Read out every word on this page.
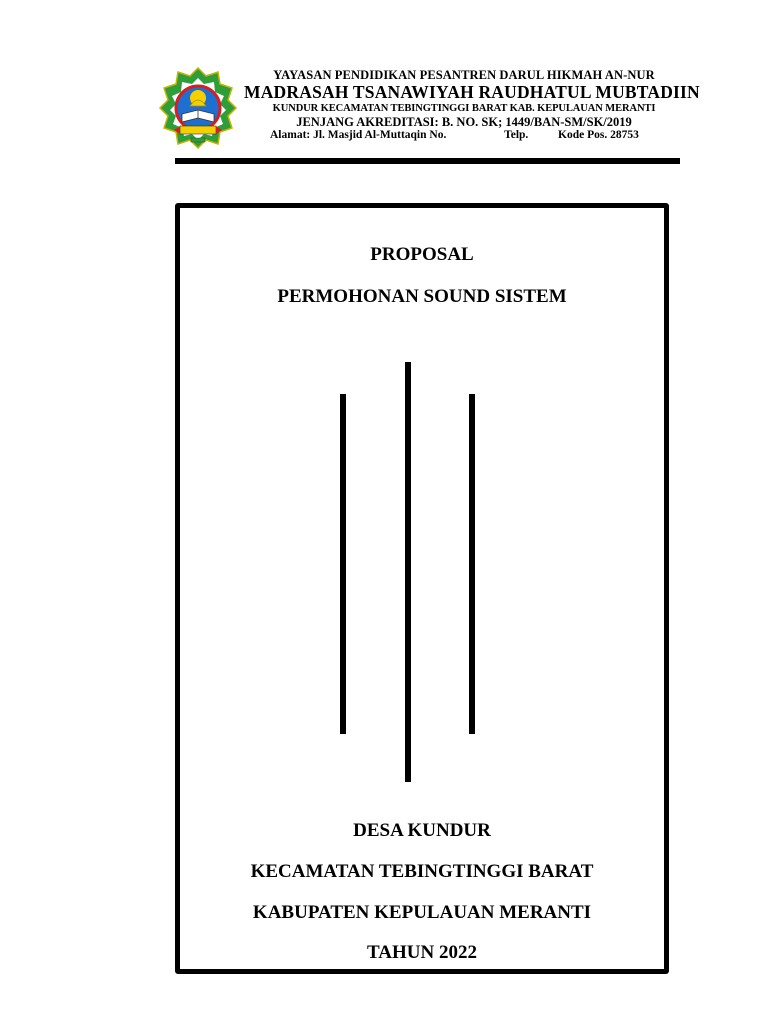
YAYASAN PENDIDIKAN PESANTREN DARUL HIKMAH AN-NUR
MADRASAH TSANAWIYAH RAUDHATUL MUBTADIIN
KUNDUR KECAMATAN TEBINGTINGGI BARAT KAB. KEPULAUAN MERANTI
JENJANG AKREDITASI: B. NO. SK; 1449/BAN-SM/SK/2019
Alamat: Jl. Masjid Al-Muttaqin No.	Telp.	Kode Pos. 28753
PROPOSAL
PERMOHONAN SOUND SISTEM
DESA KUNDUR
KECAMATAN TEBINGTINGGI BARAT
KABUPATEN KEPULAUAN MERANTI
TAHUN 2022
